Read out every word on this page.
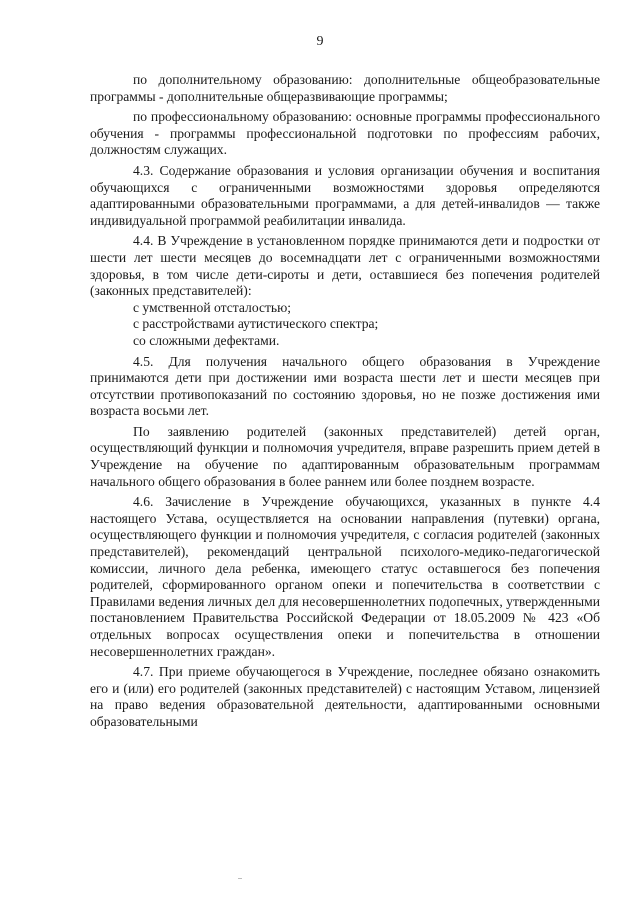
9

по дополнительному образованию: дополнительные общеобразовательные программы - дополнительные общеразвивающие программы;

по профессиональному образованию: основные программы профессионального обучения - программы профессиональной подготовки по профессиям рабочих, должностям служащих.

4.3. Содержание образования и условия организации обучения и воспитания обучающихся с ограниченными возможностями здоровья определяются адаптированными образовательными программами, а для детей-инвалидов — также индивидуальной программой реабилитации инвалида.

4.4. В Учреждение в установленном порядке принимаются дети и подростки от шести лет шести месяцев до восемнадцати лет с ограниченными возможностями здоровья, в том числе дети-сироты и дети, оставшиеся без попечения родителей (законных представителей):

с умственной отсталостью;

с расстройствами аутистического спектра;

со сложными дефектами.

4.5. Для получения начального общего образования в Учреждение принимаются дети при достижении ими возраста шести лет и шести месяцев при отсутствии противопоказаний по состоянию здоровья, но не позже достижения ими возраста восьми лет.

По заявлению родителей (законных представителей) детей орган, осуществляющий функции и полномочия учредителя, вправе разрешить прием детей в Учреждение на обучение по адаптированным образовательным программам начального общего образования в более раннем или более позднем возрасте.

4.6. Зачисление в Учреждение обучающихся, указанных в пункте 4.4 настоящего Устава, осуществляется на основании направления (путевки) органа, осуществляющего функции и полномочия учредителя, с согласия родителей (законных представителей), рекомендаций центральной психолого-медико-педагогической комиссии, личного дела ребенка, имеющего статус оставшегося без попечения родителей, сформированного органом опеки и попечительства в соответствии с Правилами ведения личных дел для несовершеннолетних подопечных, утвержденными постановлением Правительства Российской Федерации от 18.05.2009 № 423 «Об отдельных вопросах осуществления опеки и попечительства в отношении несовершеннолетних граждан».

4.7. При приеме обучающегося в Учреждение, последнее обязано ознакомить его и (или) его родителей (законных представителей) с настоящим Уставом, лицензией на право ведения образовательной деятельности, адаптированными основными образовательными
